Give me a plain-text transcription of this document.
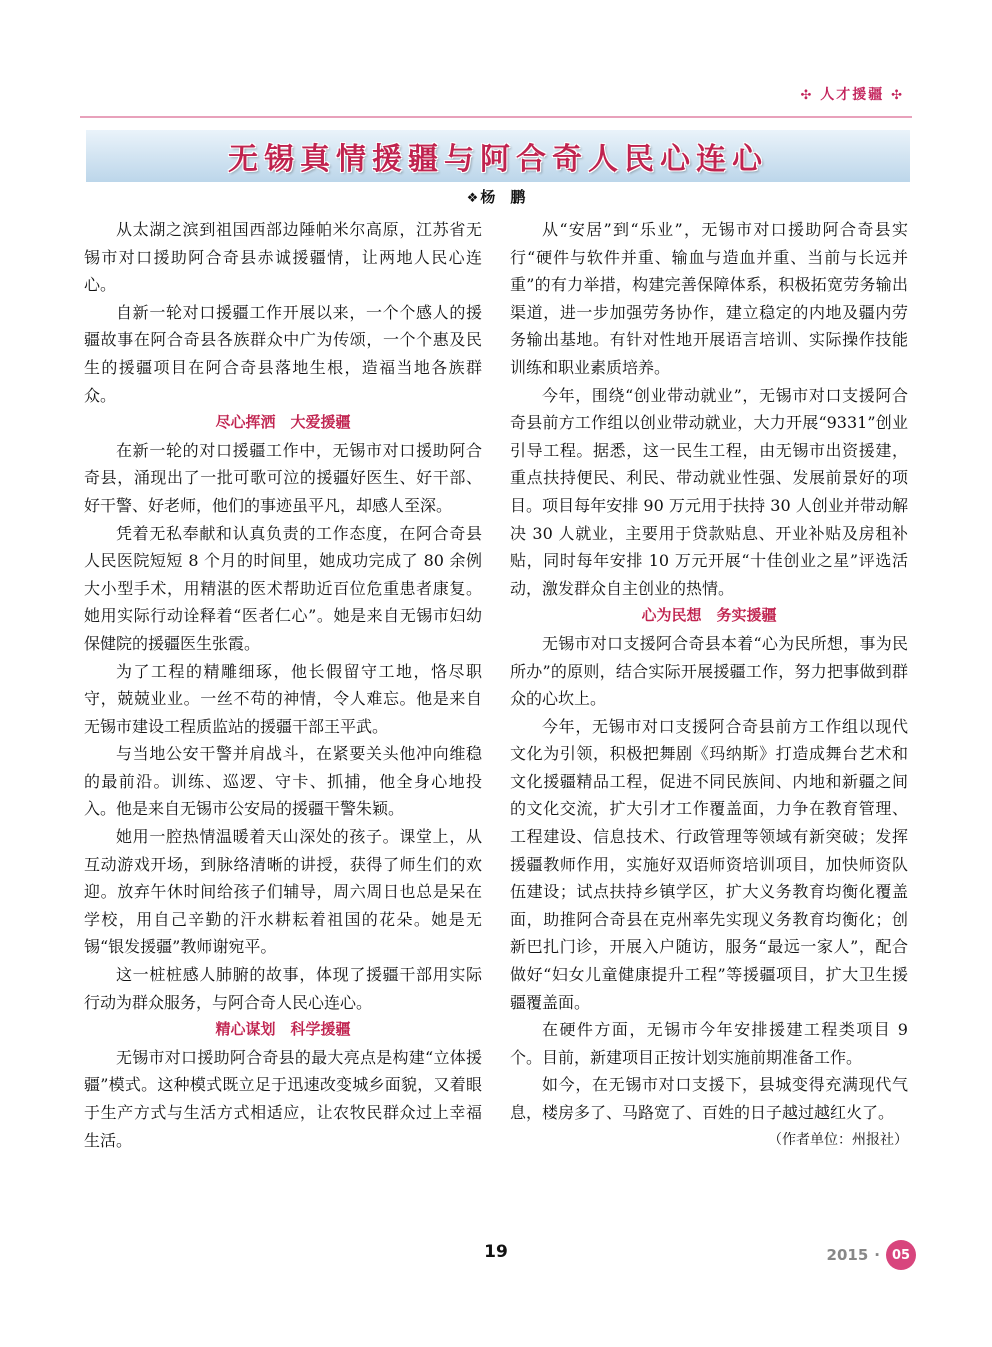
✣ 人才援疆 ✣
无锡真情援疆与阿合奇人民心连心
❖ 杨　鹏

从太湖之滨到祖国西部边陲帕米尔高原，江苏省无锡市对口援助阿合奇县赤诚援疆情，让两地人民心连心。

自新一轮对口援疆工作开展以来，一个个感人的援疆故事在阿合奇县各族群众中广为传颂，一个个惠及民生的援疆项目在阿合奇县落地生根，造福当地各族群众。

尽心挥洒　大爱援疆

在新一轮的对口援疆工作中，无锡市对口援助阿合奇县，涌现出了一批可歌可泣的援疆好医生、好干部、好干警、好老师，他们的事迹虽平凡，却感人至深。

凭着无私奉献和认真负责的工作态度，在阿合奇县人民医院短短 8 个月的时间里，她成功完成了 80 余例大小型手术，用精湛的医术帮助近百位危重患者康复。她用实际行动诠释着“医者仁心”。她是来自无锡市妇幼保健院的援疆医生张霞。

为了工程的精雕细琢，他长假留守工地，恪尽职守，兢兢业业。一丝不苟的神情，令人难忘。他是来自无锡市建设工程质监站的援疆干部王平武。

与当地公安干警并肩战斗，在紧要关头他冲向维稳的最前沿。训练、巡逻、守卡、抓捕，他全身心地投入。他是来自无锡市公安局的援疆干警朱颖。

她用一腔热情温暖着天山深处的孩子。课堂上，从互动游戏开场，到脉络清晰的讲授，获得了师生们的欢迎。放弃午休时间给孩子们辅导，周六周日也总是呆在学校，用自己辛勤的汗水耕耘着祖国的花朵。她是无锡“银发援疆”教师谢宛平。

这一桩桩感人肺腑的故事，体现了援疆干部用实际行动为群众服务，与阿合奇人民心连心。

精心谋划　科学援疆

无锡市对口援助阿合奇县的最大亮点是构建“立体援疆”模式。这种模式既立足于迅速改变城乡面貌，又着眼于生产方式与生活方式相适应，让农牧民群众过上幸福生活。

从“安居”到“乐业”，无锡市对口援助阿合奇县实行“硬件与软件并重、输血与造血并重、当前与长远并重”的有力举措，构建完善保障体系，积极拓宽劳务输出渠道，进一步加强劳务协作，建立稳定的内地及疆内劳务输出基地。有针对性地开展语言培训、实际操作技能训练和职业素质培养。

今年，围绕“创业带动就业”，无锡市对口支援阿合奇县前方工作组以创业带动就业，大力开展“9331”创业引导工程。据悉，这一民生工程，由无锡市出资援建，重点扶持便民、利民、带动就业性强、发展前景好的项目。项目每年安排 90 万元用于扶持 30 人创业并带动解决 30 人就业，主要用于贷款贴息、开业补贴及房租补贴，同时每年安排 10 万元开展“十佳创业之星”评选活动，激发群众自主创业的热情。

心为民想　务实援疆

无锡市对口支援阿合奇县本着“心为民所想，事为民所办”的原则，结合实际开展援疆工作，努力把事做到群众的心坎上。

今年，无锡市对口支援阿合奇县前方工作组以现代文化为引领，积极把舞剧《玛纳斯》打造成舞台艺术和文化援疆精品工程，促进不同民族间、内地和新疆之间的文化交流，扩大引才工作覆盖面，力争在教育管理、工程建设、信息技术、行政管理等领域有新突破；发挥援疆教师作用，实施好双语师资培训项目，加快师资队伍建设；试点扶持乡镇学区，扩大义务教育均衡化覆盖面，助推阿合奇县在克州率先实现义务教育均衡化；创新巴扎门诊，开展入户随访，服务“最远一家人”，配合做好“妇女儿童健康提升工程”等援疆项目，扩大卫生援疆覆盖面。

在硬件方面，无锡市今年安排援建工程类项目 9 个。目前，新建项目正按计划实施前期准备工作。

如今，在无锡市对口支援下，县城变得充满现代气息，楼房多了、马路宽了、百姓的日子越过越红火了。

（作者单位：州报社）

19	2015 · 05
